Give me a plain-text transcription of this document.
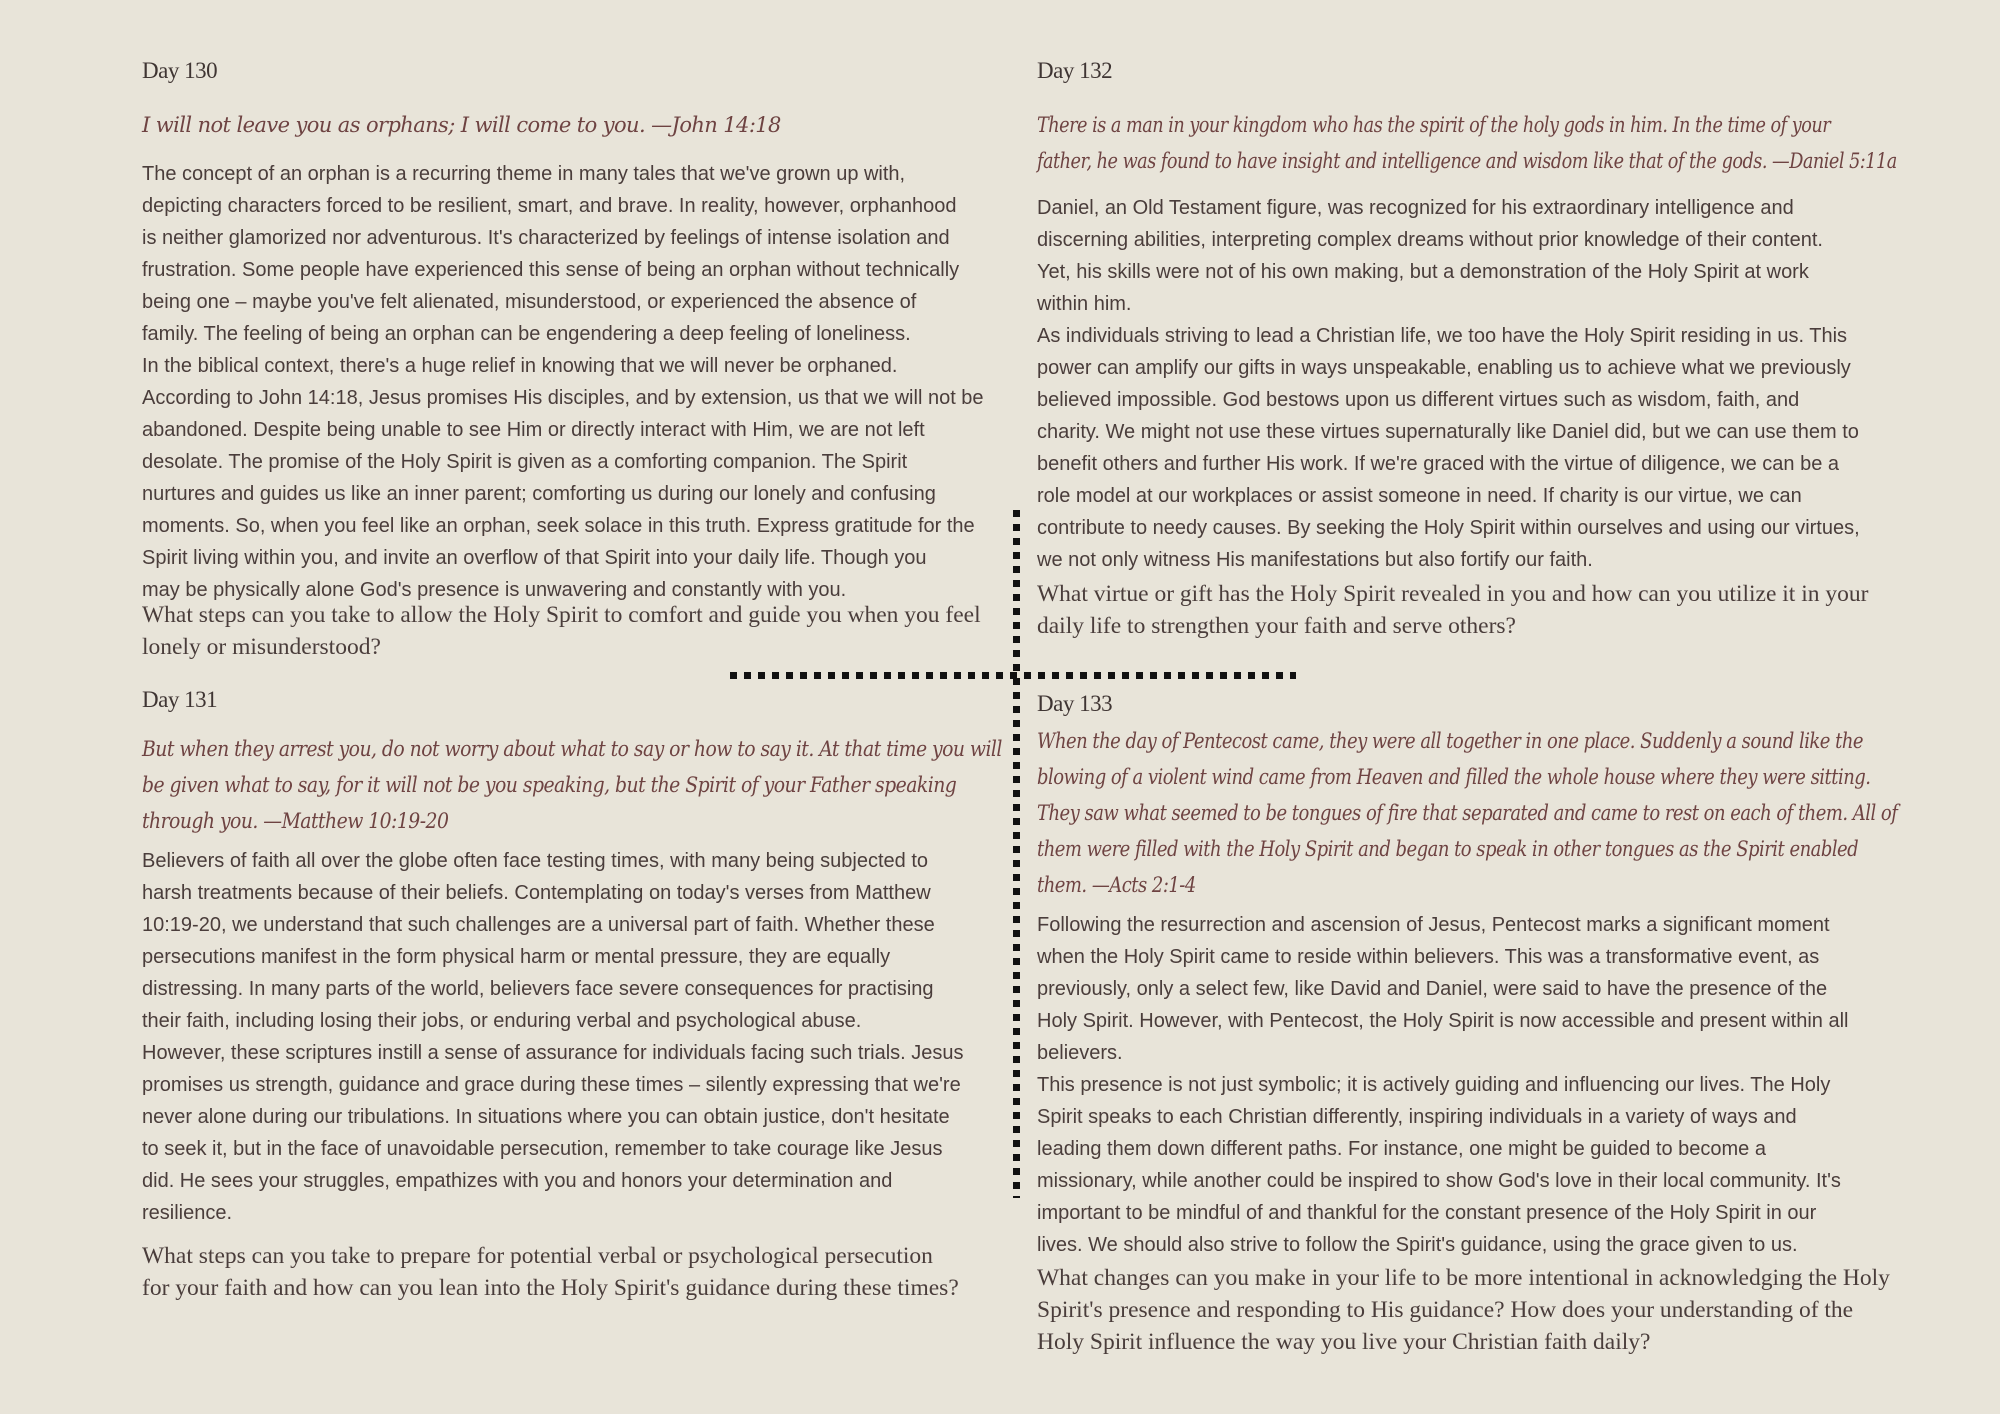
Day 130
I will not leave you as orphans; I will come to you. —John 14:18
The concept of an orphan is a recurring theme in many tales that we've grown up with,
depicting characters forced to be resilient, smart, and brave. In reality, however, orphanhood
is neither glamorized nor adventurous. It's characterized by feelings of intense isolation and
frustration. Some people have experienced this sense of being an orphan without technically
being one – maybe you've felt alienated, misunderstood, or experienced the absence of
family. The feeling of being an orphan can be engendering a deep feeling of loneliness.
In the biblical context, there's a huge relief in knowing that we will never be orphaned.
According to John 14:18, Jesus promises His disciples, and by extension, us that we will not be
abandoned. Despite being unable to see Him or directly interact with Him, we are not left
desolate. The promise of the Holy Spirit is given as a comforting companion. The Spirit
nurtures and guides us like an inner parent; comforting us during our lonely and confusing
moments. So, when you feel like an orphan, seek solace in this truth. Express gratitude for the
Spirit living within you, and invite an overflow of that Spirit into your daily life. Though you
may be physically alone God's presence is unwavering and constantly with you.
What steps can you take to allow the Holy Spirit to comfort and guide you when you feel
lonely or misunderstood?
Day 132
There is a man in your kingdom who has the spirit of the holy gods in him. In the time of your
father, he was found to have insight and intelligence and wisdom like that of the gods. —Daniel 5:11a
Daniel, an Old Testament figure, was recognized for his extraordinary intelligence and
discerning abilities, interpreting complex dreams without prior knowledge of their content.
Yet, his skills were not of his own making, but a demonstration of the Holy Spirit at work
within him.
As individuals striving to lead a Christian life, we too have the Holy Spirit residing in us. This
power can amplify our gifts in ways unspeakable, enabling us to achieve what we previously
believed impossible. God bestows upon us different virtues such as wisdom, faith, and
charity. We might not use these virtues supernaturally like Daniel did, but we can use them to
benefit others and further His work. If we're graced with the virtue of diligence, we can be a
role model at our workplaces or assist someone in need. If charity is our virtue, we can
contribute to needy causes. By seeking the Holy Spirit within ourselves and using our virtues,
we not only witness His manifestations but also fortify our faith.
What virtue or gift has the Holy Spirit revealed in you and how can you utilize it in your
daily life to strengthen your faith and serve others?
Day 131
But when they arrest you, do not worry about what to say or how to say it. At that time you will
be given what to say, for it will not be you speaking, but the Spirit of your Father speaking
through you. —Matthew 10:19-20
Believers of faith all over the globe often face testing times, with many being subjected to
harsh treatments because of their beliefs. Contemplating on today's verses from Matthew
10:19-20, we understand that such challenges are a universal part of faith. Whether these
persecutions manifest in the form physical harm or mental pressure, they are equally
distressing. In many parts of the world, believers face severe consequences for practising
their faith, including losing their jobs, or enduring verbal and psychological abuse.
However, these scriptures instill a sense of assurance for individuals facing such trials. Jesus
promises us strength, guidance and grace during these times – silently expressing that we're
never alone during our tribulations. In situations where you can obtain justice, don't hesitate
to seek it, but in the face of unavoidable persecution, remember to take courage like Jesus
did. He sees your struggles, empathizes with you and honors your determination and
resilience.
What steps can you take to prepare for potential verbal or psychological persecution
for your faith and how can you lean into the Holy Spirit's guidance during these times?
Day 133
When the day of Pentecost came, they were all together in one place. Suddenly a sound like the
blowing of a violent wind came from Heaven and filled the whole house where they were sitting.
They saw what seemed to be tongues of fire that separated and came to rest on each of them. All of
them were filled with the Holy Spirit and began to speak in other tongues as the Spirit enabled
them. —Acts 2:1-4
Following the resurrection and ascension of Jesus, Pentecost marks a significant moment
when the Holy Spirit came to reside within believers. This was a transformative event, as
previously, only a select few, like David and Daniel, were said to have the presence of the
Holy Spirit. However, with Pentecost, the Holy Spirit is now accessible and present within all
believers.
This presence is not just symbolic; it is actively guiding and influencing our lives. The Holy
Spirit speaks to each Christian differently, inspiring individuals in a variety of ways and
leading them down different paths. For instance, one might be guided to become a
missionary, while another could be inspired to show God's love in their local community. It's
important to be mindful of and thankful for the constant presence of the Holy Spirit in our
lives. We should also strive to follow the Spirit's guidance, using the grace given to us.
What changes can you make in your life to be more intentional in acknowledging the Holy
Spirit's presence and responding to His guidance? How does your understanding of the
Holy Spirit influence the way you live your Christian faith daily?
